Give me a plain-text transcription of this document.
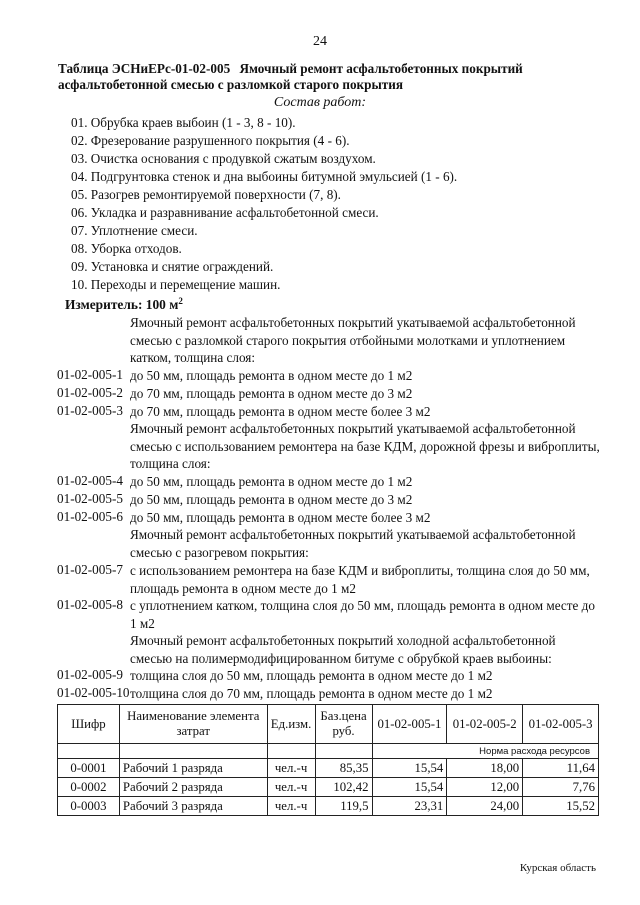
24
Таблица ЭСНиЕРс-01-02-005 Ямочный ремонт асфальтобетонных покрытий асфальтобетонной смесью с разломкой старого покрытия
Состав работ:
01. Обрубка краев выбоин (1 - 3, 8 - 10).
02. Фрезерование разрушенного покрытия (4 - 6).
03. Очистка основания с продувкой сжатым воздухом.
04. Подгрунтовка стенок и дна выбоины битумной эмульсией (1 - 6).
05. Разогрев ремонтируемой поверхности (7, 8).
06. Укладка и разравнивание асфальтобетонной смеси.
07. Уплотнение смеси.
08. Уборка отходов.
09. Установка и снятие ограждений.
10. Переходы и перемещение машин.
Измеритель: 100 $м^2$
Ямочный ремонт асфальтобетонных покрытий укатываемой асфальтобетонной смесью с разломкой старого покрытия отбойными молотками и уплотнением катком, толщина слоя:
01-02-005-1 до 50 мм, площадь ремонта в одном месте до 1 м2
01-02-005-2 до 70 мм, площадь ремонта в одном месте до 3 м2
01-02-005-3 до 70 мм, площадь ремонта в одном месте более 3 м2
Ямочный ремонт асфальтобетонных покрытий укатываемой асфальтобетонной смесью с использованием ремонтера на базе КДМ, дорожной фрезы и виброплиты, толщина слоя:
01-02-005-4 до 50 мм, площадь ремонта в одном месте до 1 м2
01-02-005-5 до 50 мм, площадь ремонта в одном месте до 3 м2
01-02-005-6 до 50 мм, площадь ремонта в одном месте более 3 м2
Ямочный ремонт асфальтобетонных покрытий укатываемой асфальтобетонной смесью с разогревом покрытия:
01-02-005-7 с использованием ремонтера на базе КДМ и виброплиты, толщина слоя до 50 мм, площадь ремонта в одном месте до 1 м2
01-02-005-8 с уплотнением катком, толщина слоя до 50 мм, площадь ремонта в одном месте до 1 м2
Ямочный ремонт асфальтобетонных покрытий холодной асфальтобетонной смесью на полимермодифицированном битуме с обрубкой краев выбоины:
01-02-005-9 толщина слоя до 50 мм, площадь ремонта в одном месте до 1 м2
01-02-005-10 толщина слоя до 70 мм, площадь ремонта в одном месте до 1 м2
Шифр	Наименование элемента затрат	Ед.изм.	Баз.цена руб.	01-02-005-1	01-02-005-2	01-02-005-3
				Норма расхода ресурсов		
0-0001	Рабочий 1 разряда	чел.-ч	85,35	15,54	18,00	11,64
0-0002	Рабочий 2 разряда	чел.-ч	102,42	15,54	12,00	7,76
0-0003	Рабочий 3 разряда	чел.-ч	119,5	23,31	24,00	15,52
Курская область
